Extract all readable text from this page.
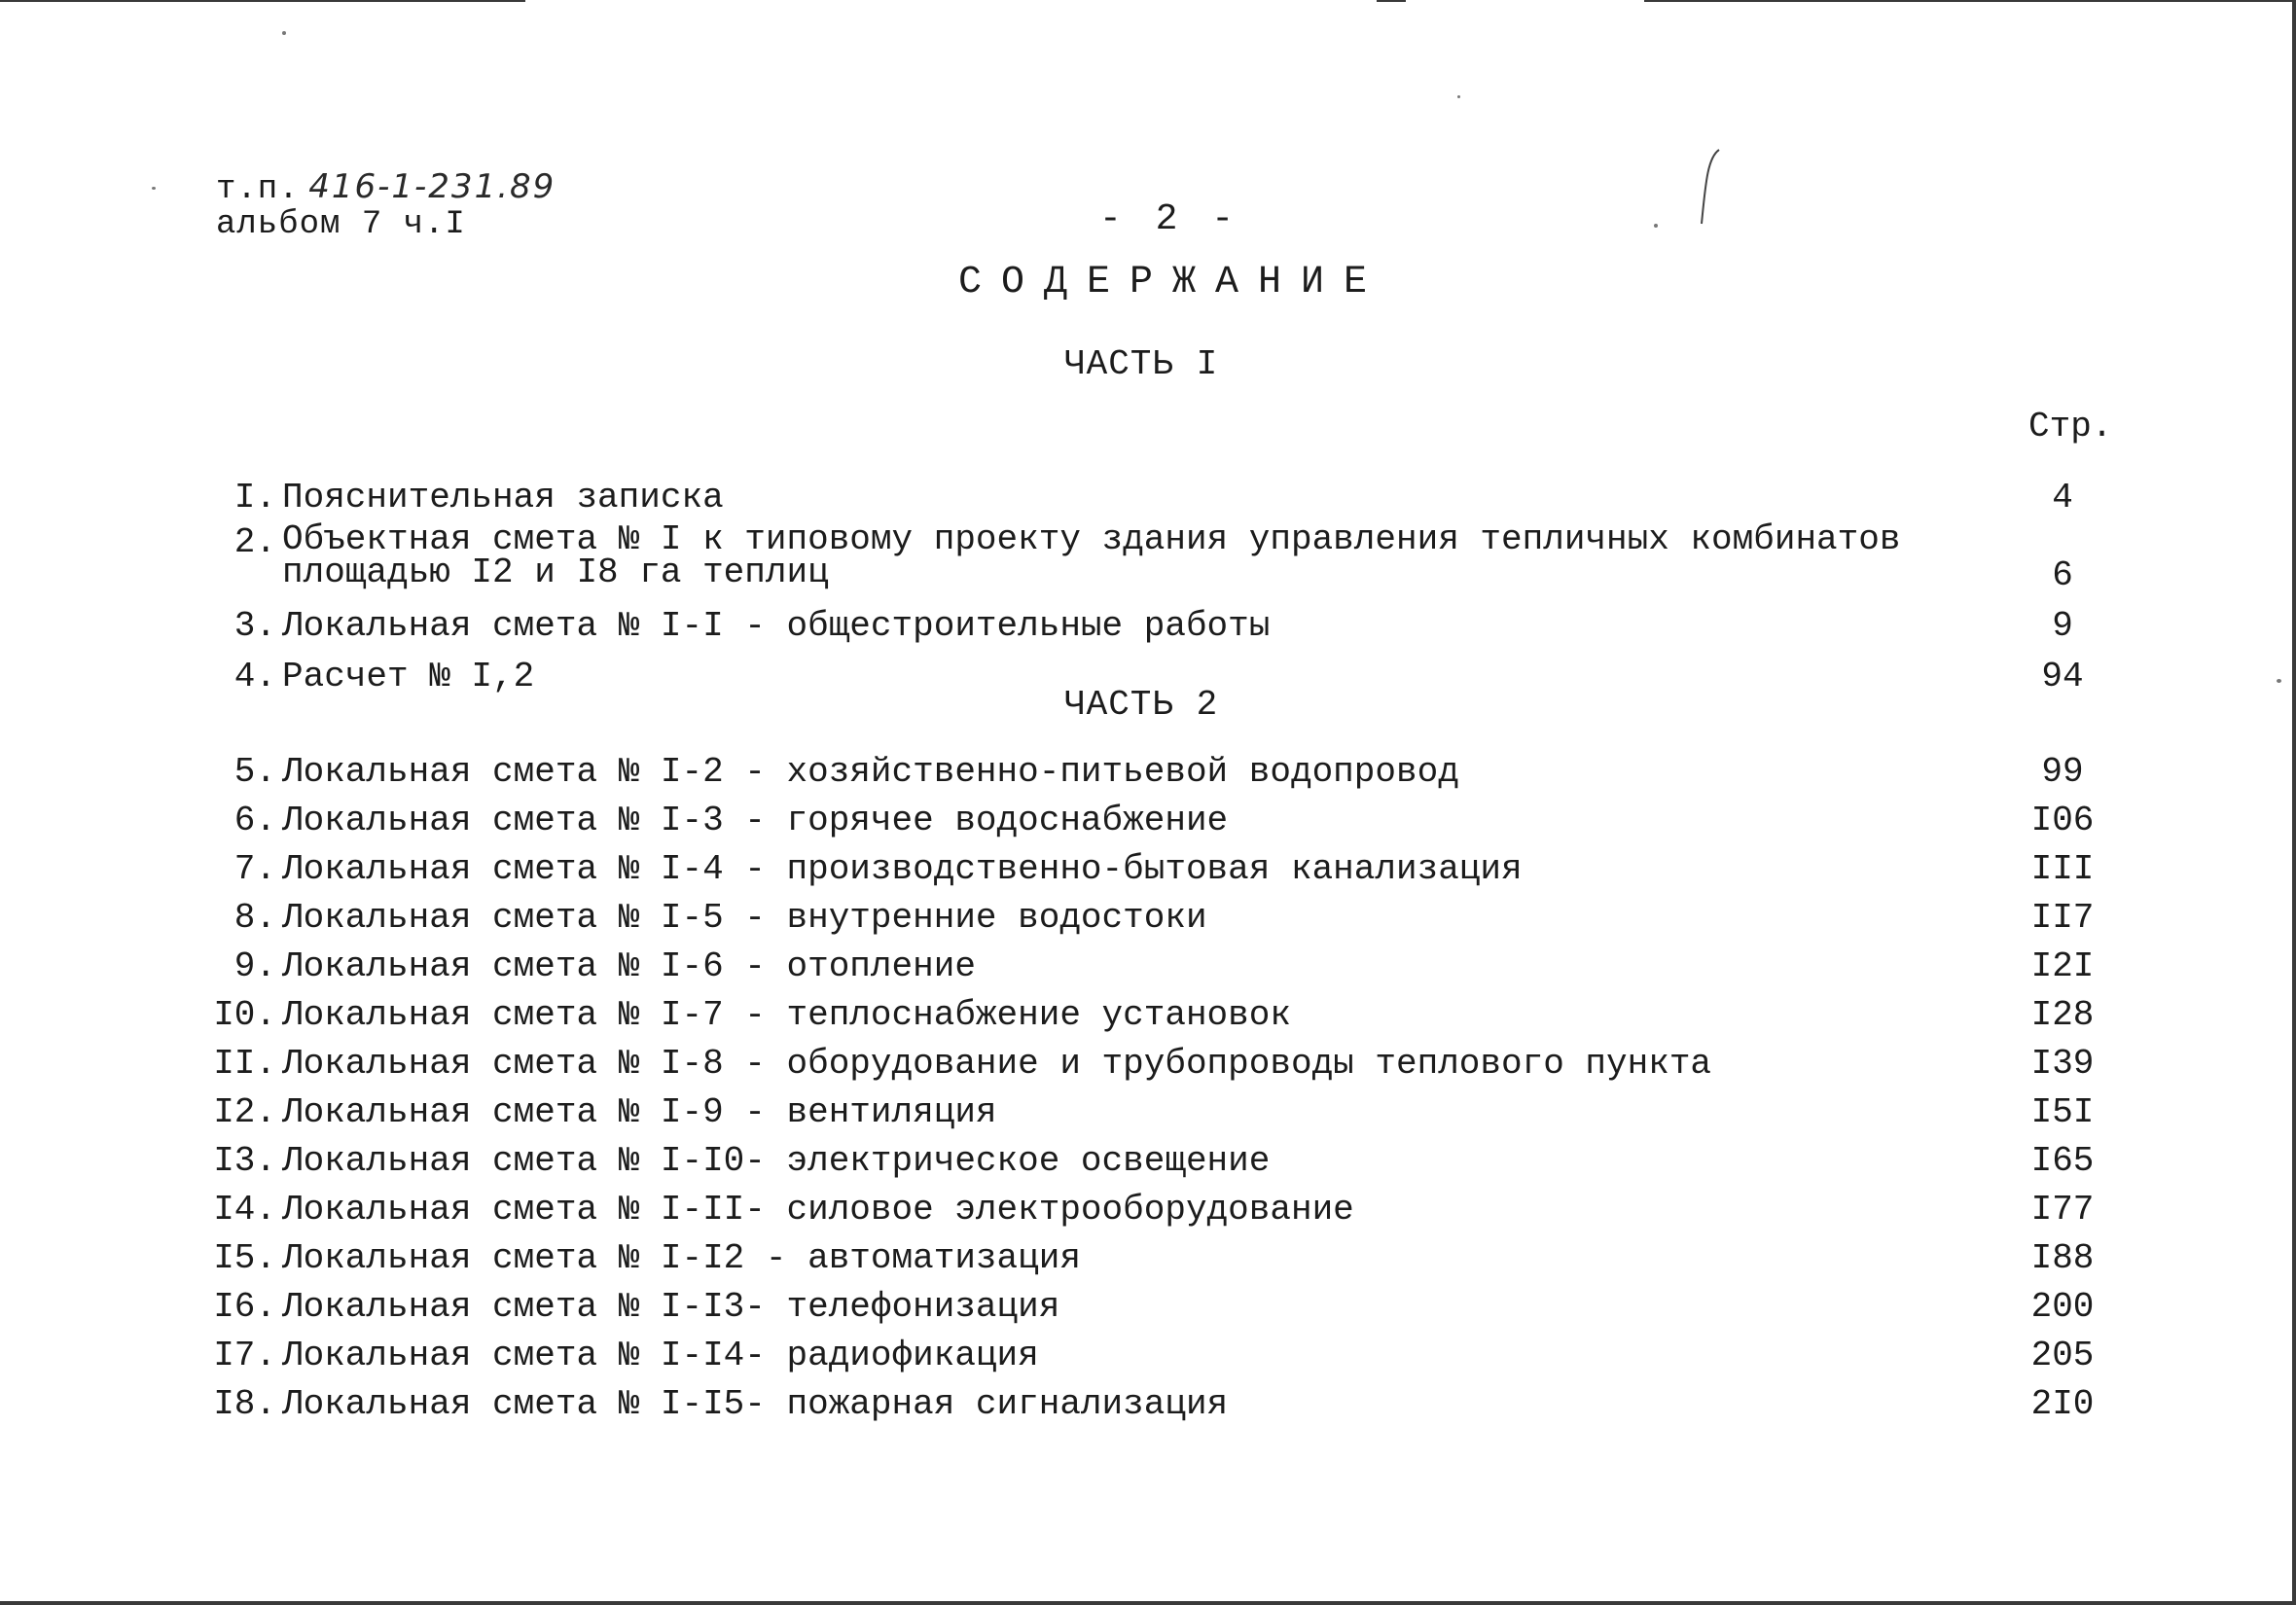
т.п. 416-1-231.89
альбом 7 ч.I	- 2 -
СОДЕРЖАНИЕ
ЧАСТЬ I
Стр.
I. Пояснительная записка	4
2. Объектная смета № I к типовому проекту здания управления тепличных комбинатов
площадью I2 и I8 га теплиц	6
3. Локальная смета № I-I - общестроительные работы	9
4. Расчет № I,2	94
ЧАСТЬ 2
5. Локальная смета № I-2 - хозяйственно-питьевой водопровод	99
6. Локальная смета № I-3 - горячее водоснабжение	I06
7. Локальная смета № I-4 - производственно-бытовая канализация	III
8. Локальная смета № I-5 - внутренние водостоки	II7
9. Локальная смета № I-6 - отопление	I2I
I0. Локальная смета № I-7 - теплоснабжение установок	I28
II. Локальная смета № I-8 - оборудование и трубопроводы теплового пункта	I39
I2. Локальная смета № I-9 - вентиляция	I5I
I3. Локальная смета № I-I0- электрическое освещение	I65
I4. Локальная смета № I-II- силовое электрооборудование	I77
I5. Локальная смета № I-I2 - автоматизация	I88
I6. Локальная смета № I-I3- телефонизация	200
I7. Локальная смета № I-I4- радиофикация	205
I8. Локальная смета № I-I5- пожарная сигнализация	2I0
